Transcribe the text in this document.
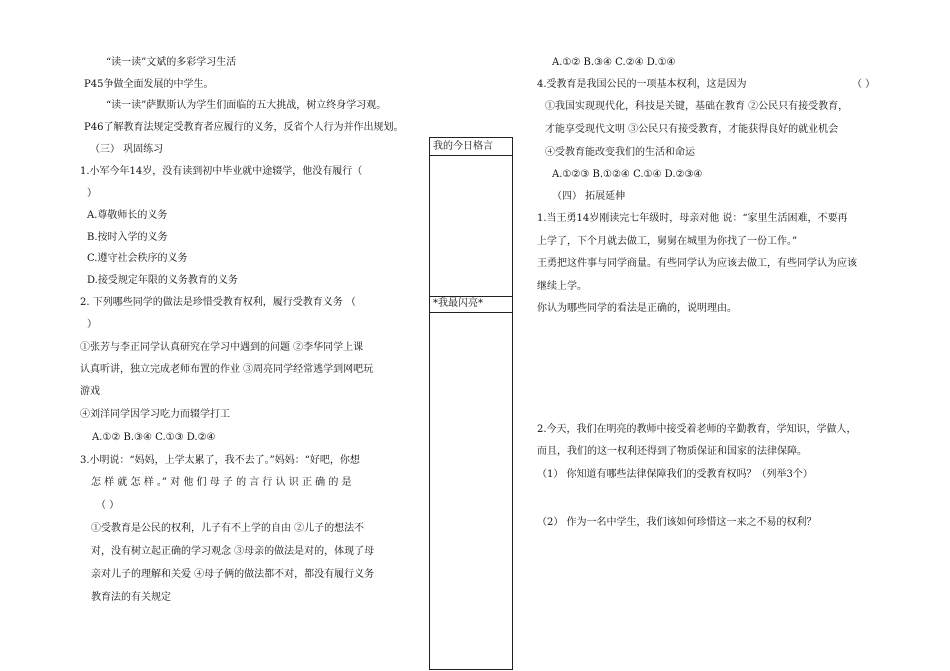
“读一读”文斌的多彩学习生活
P45争做全面发展的中学生。
“读一读”萨默斯认为学生们面临的五大挑战，树立终身学习观。
P46了解教育法规定受教育者应履行的义务，反省个人行为并作出规划。
（三） 巩固练习
1.小军今年14岁，没有读到初中毕业就中途辍学，他没有履行（
）
A.尊敬师长的义务
B.按时入学的义务
C.遵守社会秩序的义务
D.接受规定年限的义务教育的义务
2. 下列哪些同学的做法是珍惜受教育权利，履行受教育义务 （
）
①张芳与李正同学认真研究在学习中遇到的问题 ②李华同学上课
认真听讲，独立完成老师布置的作业 ③周亮同学经常逃学到网吧玩
游戏
④刘洋同学因学习吃力而辍学打工
A.①② B.③④ C.①③ D.②④
3.小明说：“妈妈，上学太累了，我不去了。”妈妈：“好吧，你想
怎 样 就 怎 样 。” 对 他 们 母 子 的 言 行 认 识 正 确 的 是
（ ）
①受教育是公民的权利，儿子有不上学的自由 ②儿子的想法不
对，没有树立起正确的学习观念 ③母亲的做法是对的，体现了母
亲对儿子的理解和关爱 ④母子俩的做法都不对，都没有履行义务
教育法的有关规定
我的今日格言
*我最闪亮*
A.①② B.③④ C.②④ D.①④
4.受教育是我国公民的一项基本权利，这是因为	（ ）
①我国实现现代化，科技是关键，基础在教育 ②公民只有接受教育，
才能享受现代文明 ③公民只有接受教育，才能获得良好的就业机会
④受教育能改变我们的生活和命运
A.①②③ B.①②④ C.①④ D.②③④
（四） 拓展延伸
1.当王勇14岁刚读完七年级时，母亲对他 说：“家里生活困难，不要再
上学了，下个月就去做工，舅舅在城里为你找了一份工作。”
王勇把这件事与同学商量。有些同学认为应该去做工，有些同学认为应该
继续上学。
你认为哪些同学的看法是正确的，说明理由。
2.今天，我们在明亮的教师中接受着老师的辛勤教育，学知识，学做人，
而且，我们的这一权利还得到了物质保证和国家的法律保障。
（1） 你知道有哪些法律保障我们的受教育权吗？（列举3个）
（2） 作为一名中学生，我们该如何珍惜这一来之不易的权利？
